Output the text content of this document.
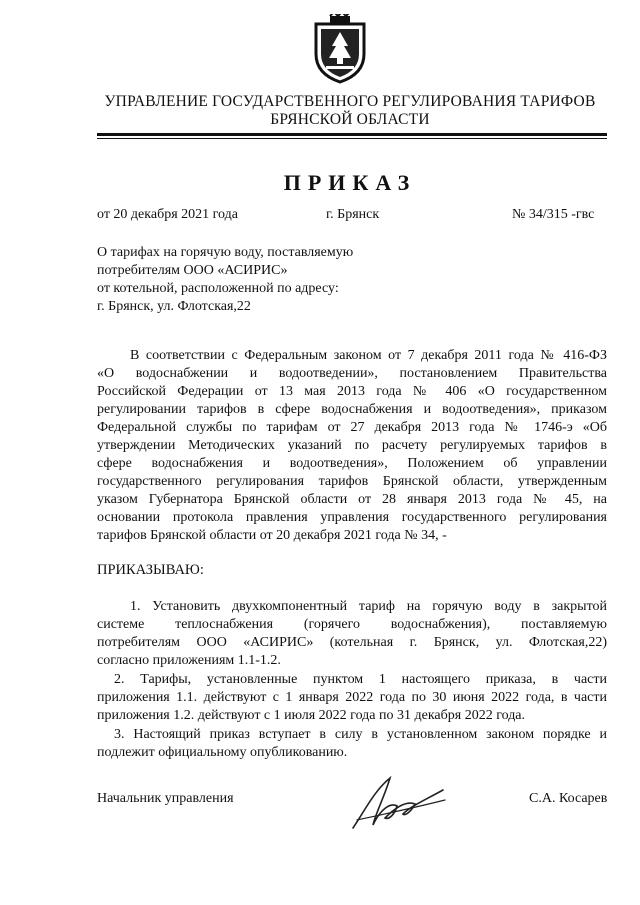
УПРАВЛЕНИЕ ГОСУДАРСТВЕННОГО РЕГУЛИРОВАНИЯ ТАРИФОВ
БРЯНСКОЙ ОБЛАСТИ
ПРИКАЗ
от 20 декабря 2021 года	г. Брянск	№ 34/315 -гвс
О тарифах на горячую воду, поставляемую
потребителям ООО «АСИРИС»
от котельной, расположенной по адресу:
г. Брянск, ул. Флотская,22
В соответствии с Федеральным законом от 7 декабря 2011 года № 416-ФЗ
«О водоснабжении и водоотведении», постановлением Правительства
Российской Федерации от 13 мая 2013 года № 406 «О государственном
регулировании тарифов в сфере водоснабжения и водоотведения», приказом
Федеральной службы по тарифам от 27 декабря 2013 года № 1746-э «Об
утверждении Методических указаний по расчету регулируемых тарифов в
сфере водоснабжения и водоотведения», Положением об управлении
государственного регулирования тарифов Брянской области, утвержденным
указом Губернатора Брянской области от 28 января 2013 года № 45, на
основании протокола правления управления государственного регулирования
тарифов Брянской области от 20 декабря 2021 года № 34, -
ПРИКАЗЫВАЮ:
1. Установить двухкомпонентный тариф на горячую воду в закрытой
системе теплоснабжения (горячего водоснабжения), поставляемую
потребителям ООО «АСИРИС» (котельная г. Брянск, ул. Флотская,22)
согласно приложениям 1.1-1.2.
2. Тарифы, установленные пунктом 1 настоящего приказа, в части
приложения 1.1. действуют с 1 января 2022 года по 30 июня 2022 года, в части
приложения 1.2. действуют с 1 июля 2022 года по 31 декабря 2022 года.
3. Настоящий приказ вступает в силу в установленном законом порядке и
подлежит официальному опубликованию.
Начальник управления	С.А. Косарев
